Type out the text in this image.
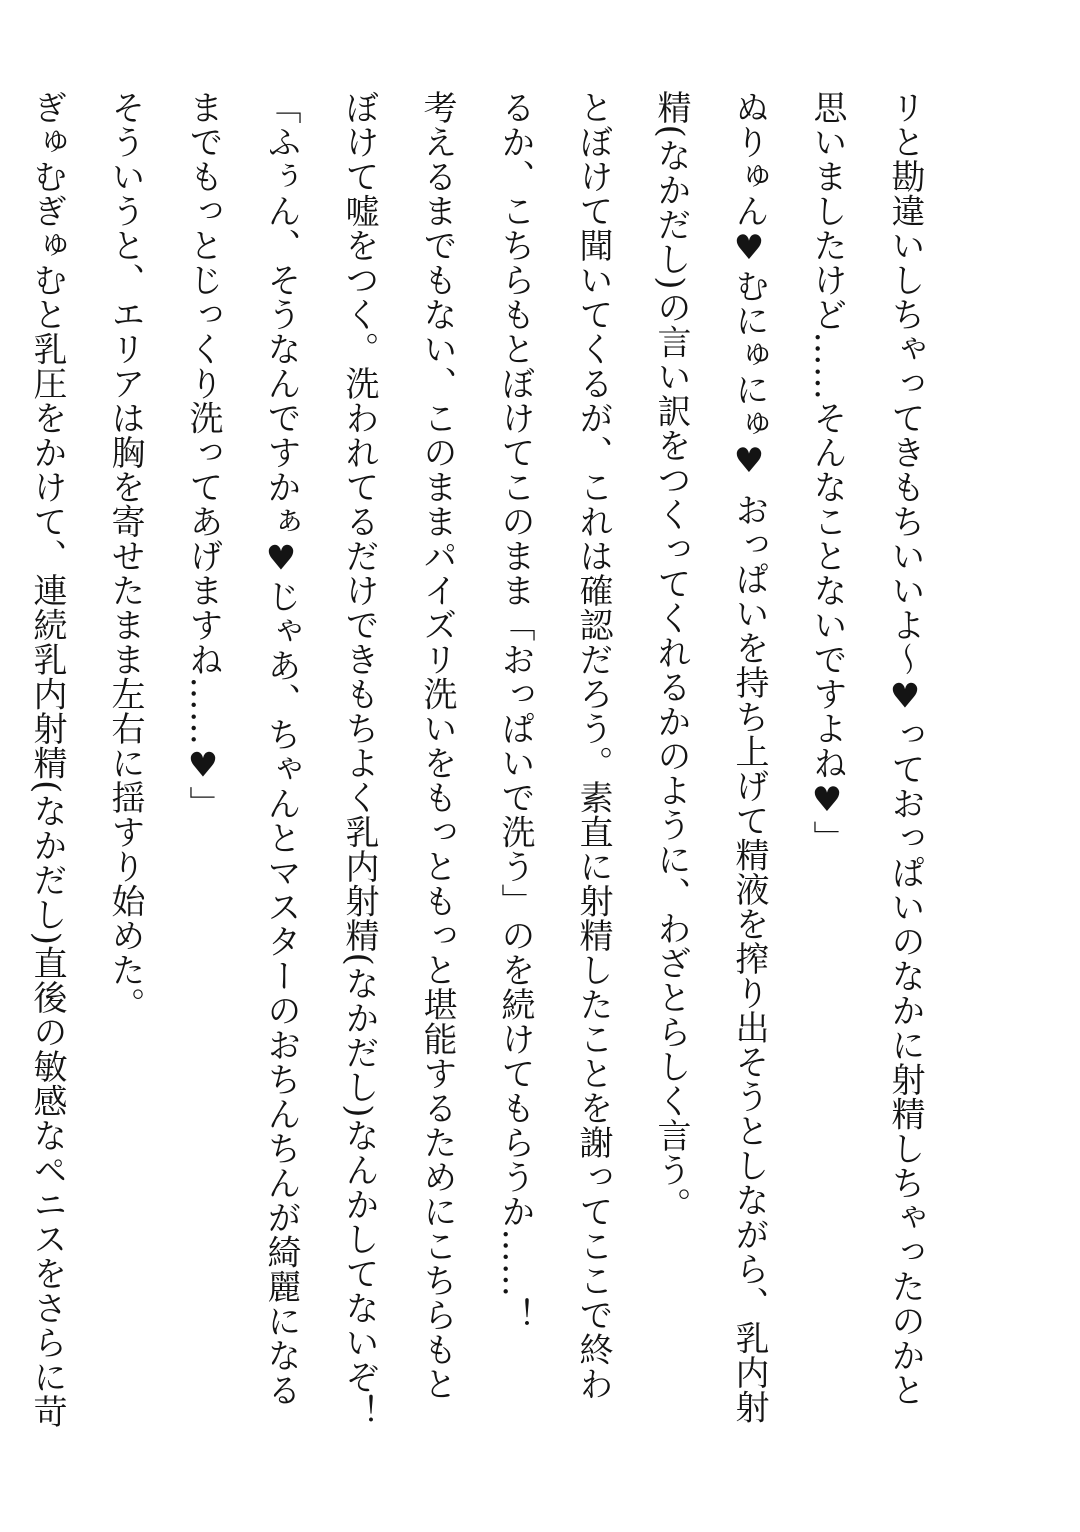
リと勘違いしちゃってきもちいいよ〜♥っておっぱいのなかに射精しちゃったのかと思いましたけど……そんなことないですよね♥」

ぬりゅん♥むにゅにゅ♥ おっぱいを持ち上げて精液を搾り出そうとしながら、乳内射精(なかだし)の言い訳をつくってくれるかのように、わざとらしく言う。

とぼけて聞いてくるが、これは確認だろう。素直に射精したことを謝ってここで終わるか、こちらもとぼけてこのまま「おっぱいで洗う」のを続けてもらうか……！

考えるまでもない、このままパイズリ洗いをもっともっと堪能するためにこちらもとぼけて嘘をつく。洗われてるだけできもちよく乳内射精(なかだし)なんかしてないぞ！

「ふぅん、そうなんですかぁ♥じゃあ、ちゃんとマスターのおちんちんが綺麗になるまでもっとじっくり洗ってあげますね……♥」

そういうと、エリアは胸を寄せたまま左右に揺すり始めた。

ぎゅむぎゅむと乳圧をかけて、連続乳内射精(なかだし)直後の敏感なペニスをさらに苛
